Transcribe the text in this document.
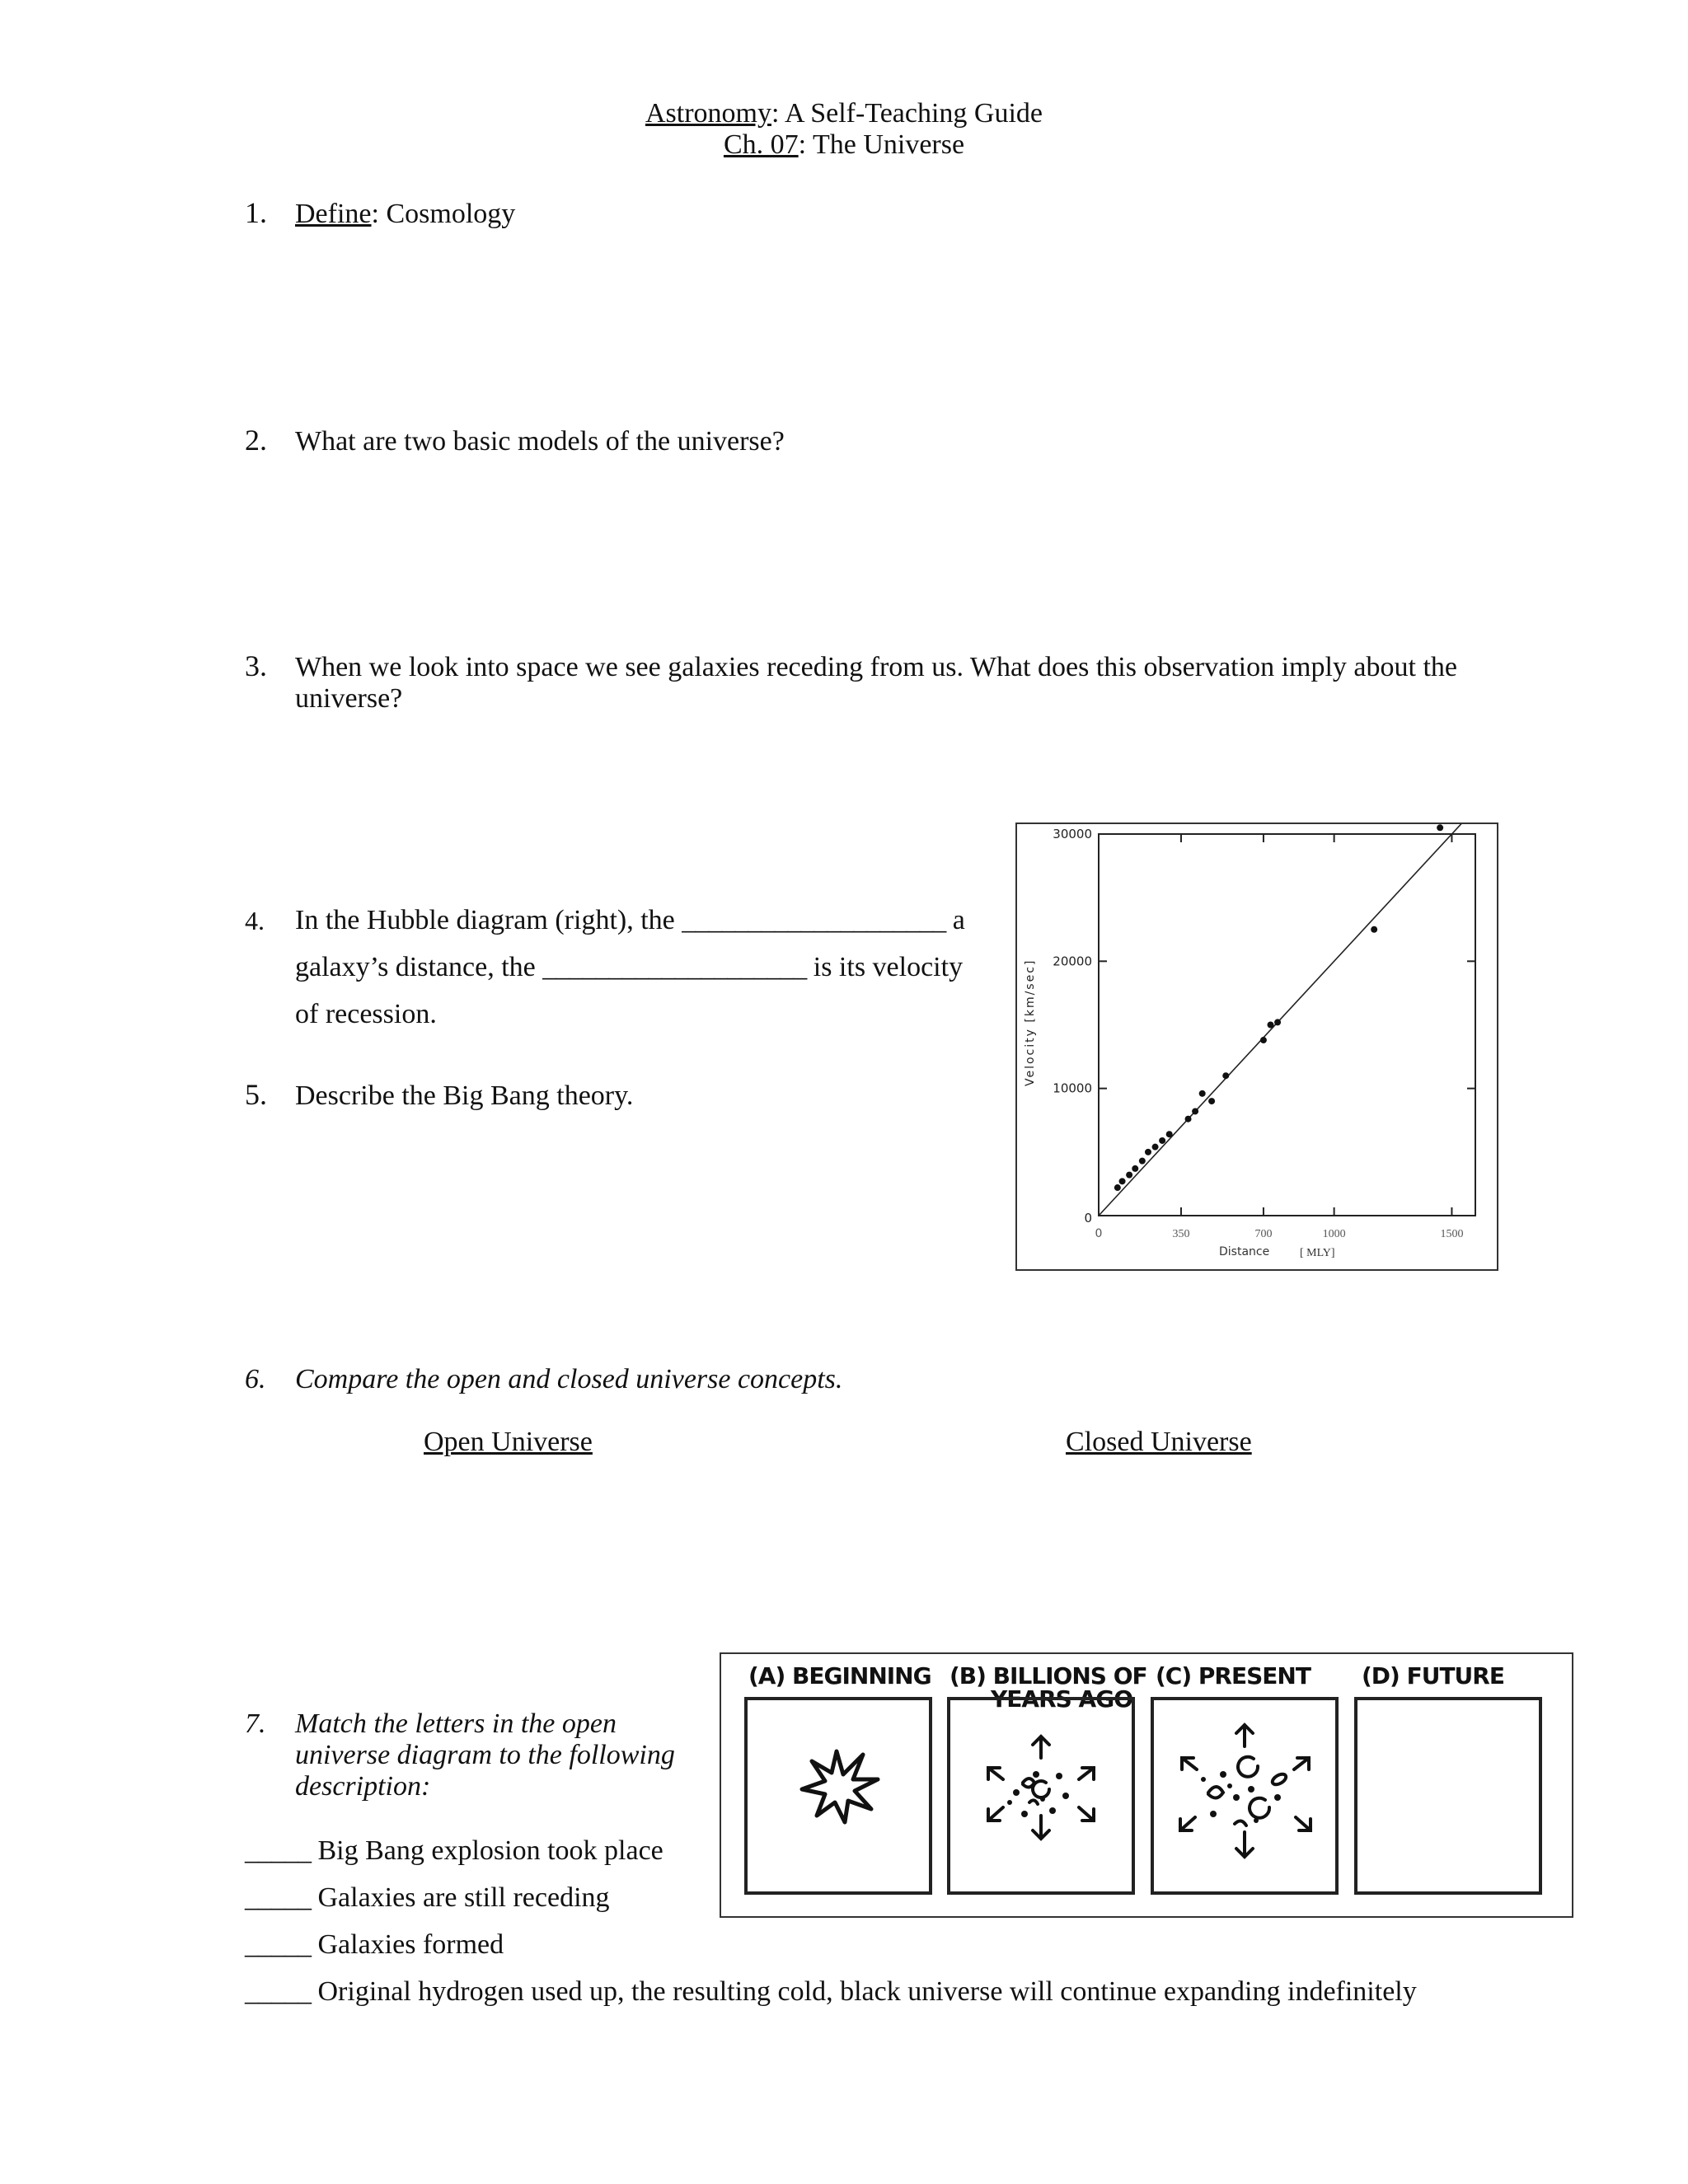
Astronomy: A Self-Teaching Guide
Ch. 07: The Universe
1. Define: Cosmology
2. What are two basic models of the universe?
3. When we look into space we see galaxies receding from us. What does this observation imply about the
universe?
4. In the Hubble diagram (right), the ____________________ a
galaxy’s distance, the ____________________ is its velocity
of recession.
5. Describe the Big Bang theory.
0	350	700	1000	1500
0
10000
20000
30000
Distance	[ MLY]
Velocity [km/sec]
6. Compare the open and closed universe concepts.
Open Universe	Closed Universe
7. Match the letters in the open
universe diagram to the following
description:
_____ Big Bang explosion took place
_____ Galaxies are still receding
_____ Galaxies formed
_____ Original hydrogen used up, the resulting cold, black universe will continue expanding indefinitely
(A) BEGINNING (B) BILLIONS OF
YEARS AGO
(C) PRESENT (D) FUTURE
